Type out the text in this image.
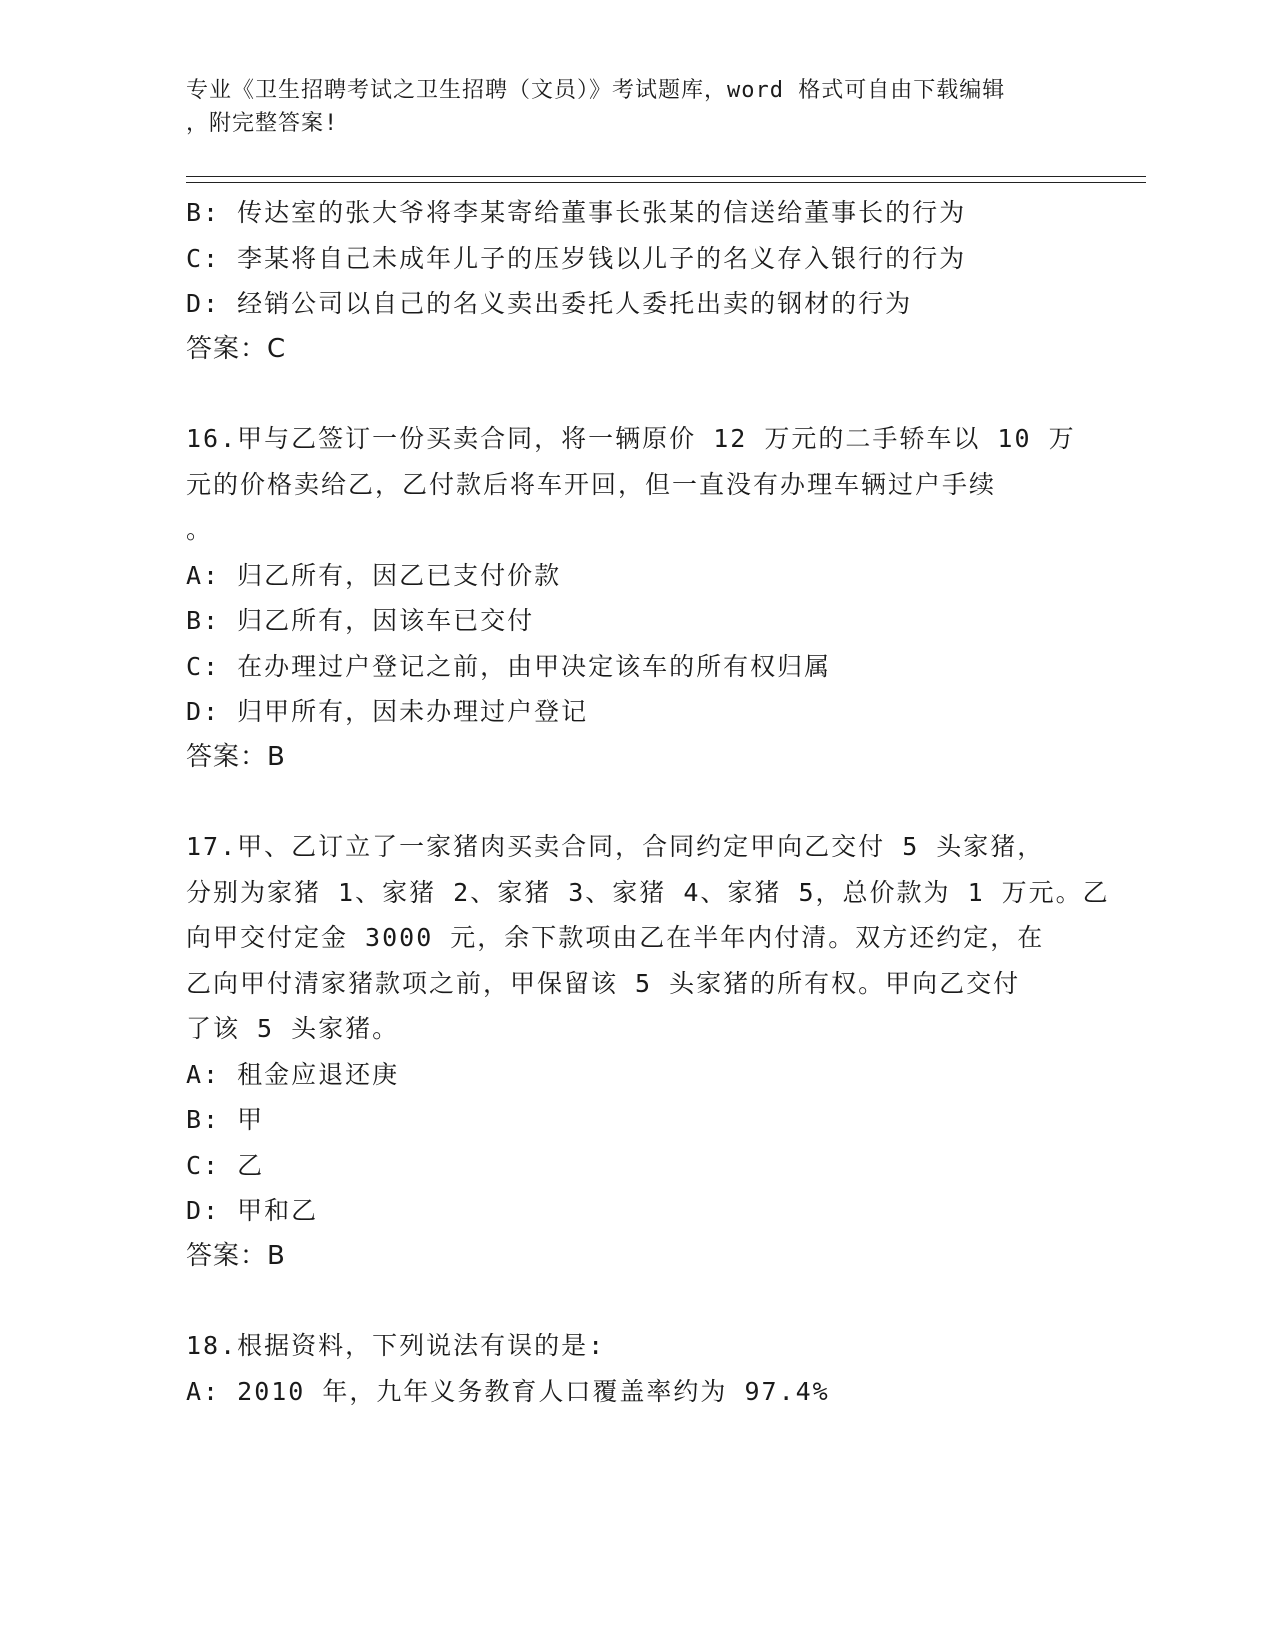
专业《卫生招聘考试之卫生招聘（文员）》考试题库，word 格式可自由下载编辑
，附完整答案!
B: 传达室的张大爷将李某寄给董事长张某的信送给董事长的行为
C: 李某将自己未成年儿子的压岁钱以儿子的名义存入银行的行为
D: 经销公司以自己的名义卖出委托人委托出卖的钢材的行为
答案：C
16.甲与乙签订一份买卖合同，将一辆原价 12 万元的二手轿车以 10 万
元的价格卖给乙，乙付款后将车开回，但一直没有办理车辆过户手续
。
A: 归乙所有，因乙已支付价款
B: 归乙所有，因该车已交付
C: 在办理过户登记之前，由甲决定该车的所有权归属
D: 归甲所有，因未办理过户登记
答案：B
17.甲、乙订立了一家猪肉买卖合同，合同约定甲向乙交付 5 头家猪，
分别为家猪 1、家猪 2、家猪 3、家猪 4、家猪 5，总价款为 1 万元。乙
向甲交付定金 3000 元，余下款项由乙在半年内付清。双方还约定，在
乙向甲付清家猪款项之前，甲保留该 5 头家猪的所有权。甲向乙交付
了该 5 头家猪。
A: 租金应退还庚
B: 甲
C: 乙
D: 甲和乙
答案：B
18.根据资料，下列说法有误的是:
A: 2010 年，九年义务教育人口覆盖率约为 97.4%
